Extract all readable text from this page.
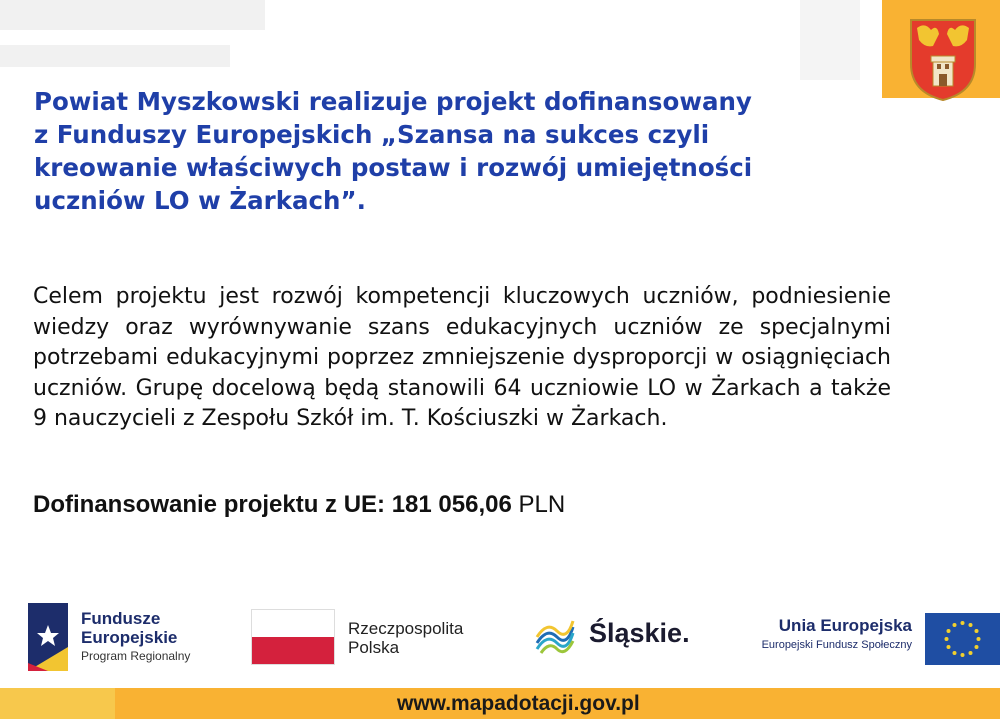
Powiat Myszkowski realizuje projekt dofinansowany
z Funduszy Europejskich „Szansa na sukces czyli
kreowanie właściwych postaw i rozwój umiejętności
uczniów LO w Żarkach”.

Celem projektu jest rozwój kompetencji kluczowych uczniów, podniesienie wiedzy oraz wyrównywanie szans edukacyjnych uczniów ze specjalnymi potrzebami edukacyjnymi poprzez zmniejszenie dysproporcji w osiągnięciach uczniów. Grupę docelową będą stanowili 64 uczniowie LO w Żarkach a także 9 nauczycieli z Zespołu Szkół im. T. Kościuszki w Żarkach.

Dofinansowanie projektu z UE: 181 056,06 PLN

Fundusze
Europejskie
Program Regionalny
Rzeczpospolita
Polska	Śląskie.	Unia Europejska
Europejski Fundusz Społeczny
www.mapadotacji.gov.pl
